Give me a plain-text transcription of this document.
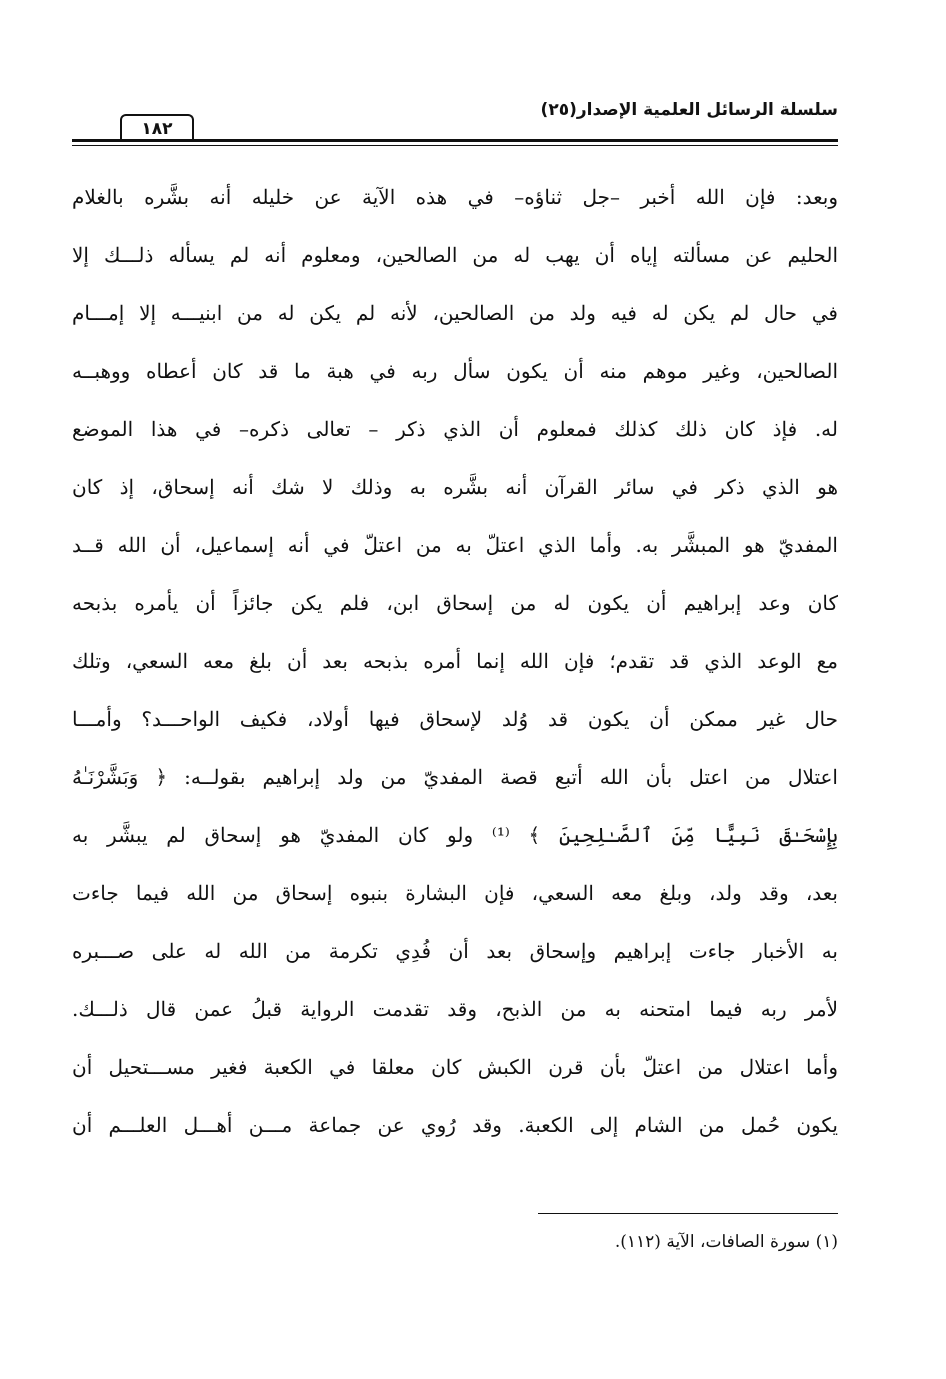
سلسلة الرسائل العلمية الإصدار(٢٥)
١٨٢
وبعد: فإن الله أخبر –جل ثناؤه– في هذه الآية عن خليله أنه بشَّره بالغلام
الحليم عن مسألته إياه أن يهب له من الصالحين، ومعلوم أنه لم يسأله ذلـــك إلا
في حال لم يكن له فيه ولد من الصالحين، لأنه لم يكن له من ابنيـــه إلا إمـــام
الصالحين، وغير موهم منه أن يكون سأل ربه في هبة ما قد كان أعطاه ووهبــه
له. فإذ كان ذلك كذلك فمعلوم أن الذي ذكر – تعالى ذكره– في هذا الموضع
هو الذي ذكر في سائر القرآن أنه بشَّره به وذلك لا شك أنه إسحاق، إذ كان
المفديّ هو المبشَّر به. وأما الذي اعتلّ به من اعتلّ في أنه إسماعيل، أن الله قــد
كان وعد إبراهيم أن يكون له من إسحاق ابن، فلم يكن جائزاً أن يأمره بذبحه
مع الوعد الذي قد تقدم؛ فإن الله إنما أمره بذبحه بعد أن بلغ معه السعي، وتلك
حال غير ممكن أن يكون قد وُلد لإسحاق فيها أولاد، فكيف الواحـــد؟ وأمـــا
اعتلال من اعتل بأن الله أتبع قصة المفديّ من ولد إبراهيم بقولــه: ﴿ وَبَشَّرْنَـٰهُ
بِإِسْحَـٰقَ نَبِيًّا مِّنَ ٱلصَّـٰلِحِينَ ﴾ ⁽¹⁾ ولو كان المفديّ هو إسحاق لم يبشَّر به
بعد، وقد ولد، وبلغ معه السعي، فإن البشارة بنبوه إسحاق من الله فيما جاءت
به الأخبار جاءت إبراهيم وإسحاق بعد أن فُدِي تكرمة من الله له على صـــبره
لأمر ربه فيما امتحنه به من الذبح، وقد تقدمت الرواية قبلُ عمن قال ذلـــك.
وأما اعتلال من اعتلّ بأن قرن الكبش كان معلقا في الكعبة فغير مســـتحيل أن
يكون حُمل من الشام إلى الكعبة. وقد رُوي عن جماعة مـــن أهـــل العلـــم أن
(١) سورة الصافات، الآية (١١٢).
